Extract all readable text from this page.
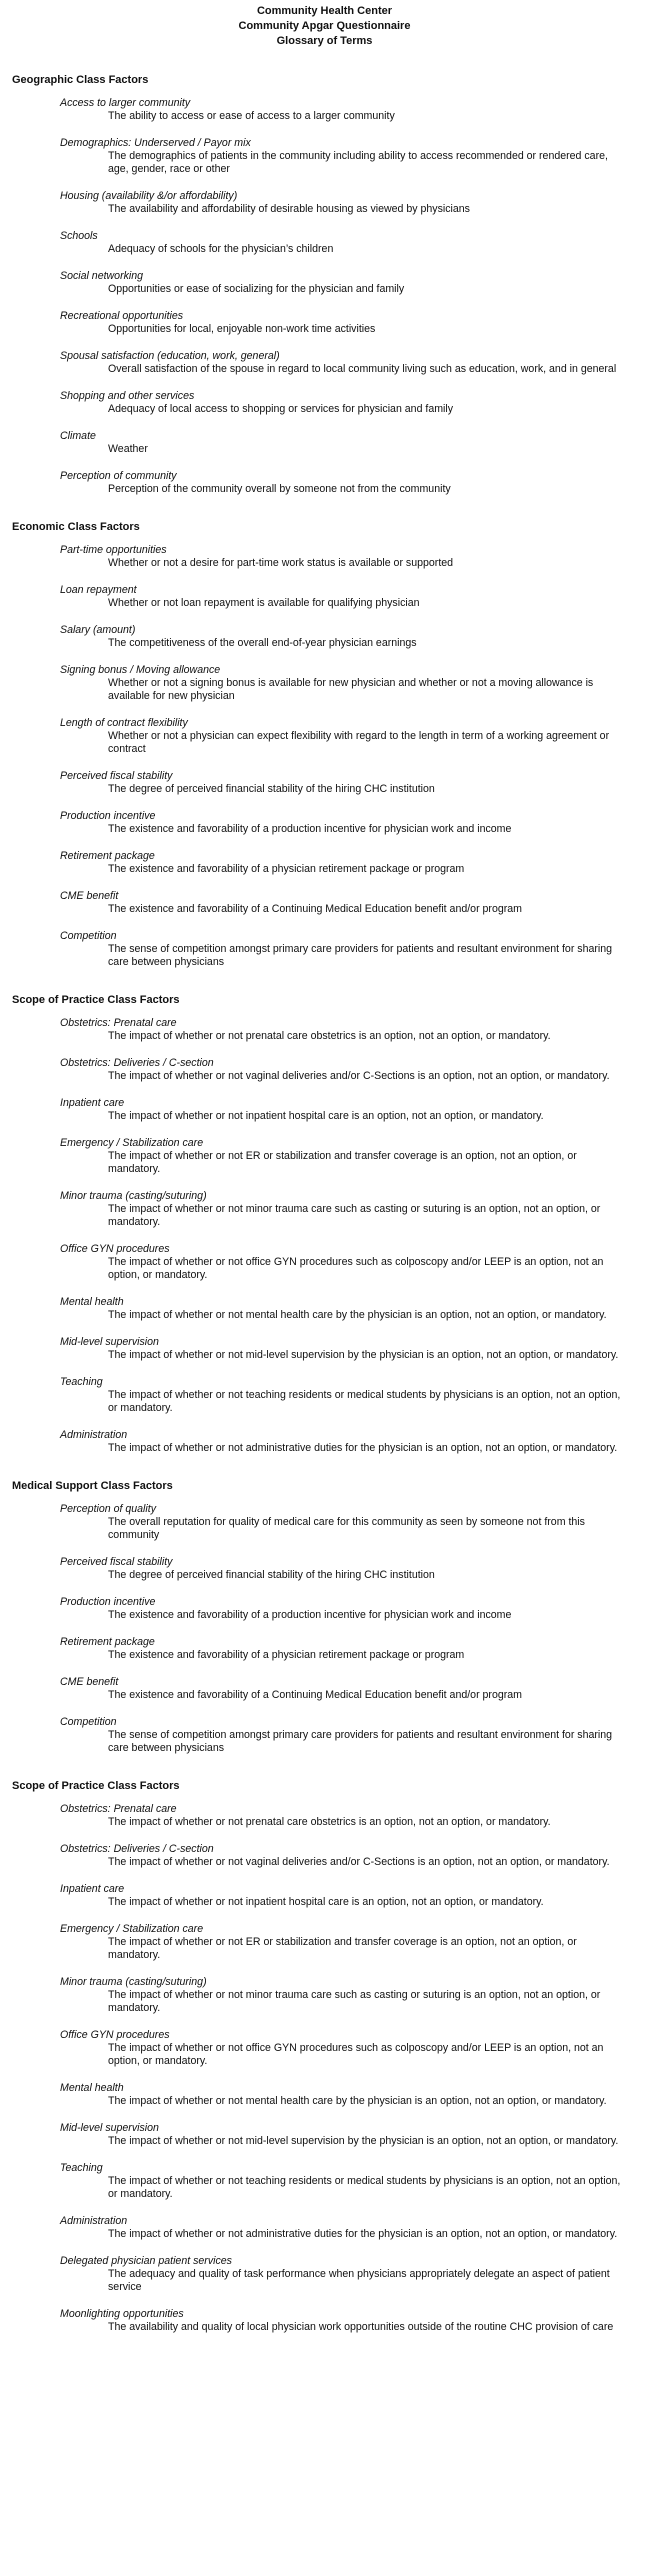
Community Health Center
Community Apgar Questionnaire
Glossary of Terms
Geographic Class Factors
Access to larger community
The ability to access or ease of access to a larger community
Demographics: Underserved / Payor mix
The demographics of patients in the community including ability to access recommended or rendered care, age, gender, race or other
Housing (availability &/or affordability)
The availability and affordability of desirable housing as viewed by physicians
Schools
Adequacy of schools for the physician’s children
Social networking
Opportunities or ease of socializing for the physician and family
Recreational opportunities
Opportunities for local, enjoyable non-work time activities
Spousal satisfaction (education, work, general)
Overall satisfaction of the spouse in regard to local community living such as education, work, and in general
Shopping and other services
Adequacy of local access to shopping or services for physician and family
Climate
Weather
Perception of community
Perception of the community overall by someone not from the community
Economic Class Factors
Part-time opportunities
Whether or not a desire for part-time work status is available or supported
Loan repayment
Whether or not loan repayment is available for qualifying physician
Salary (amount)
The competitiveness of the overall end-of-year physician earnings
Signing bonus / Moving allowance
Whether or not a signing bonus is available for new physician and whether or not a moving allowance is available for new physician
Length of contract flexibility
Whether or not a physician can expect flexibility with regard to the length in term of a working agreement or contract
Perceived fiscal stability
The degree of perceived financial stability of the hiring CHC institution
Production incentive
The existence and favorability of a production incentive for physician work and income
Retirement package
The existence and favorability of a physician retirement package or program
CME benefit
The existence and favorability of a Continuing Medical Education benefit and/or program
Competition
The sense of competition amongst primary care providers for patients and resultant environment for sharing care between physicians
Scope of Practice Class Factors
Obstetrics: Prenatal care
The impact of whether or not prenatal care obstetrics is an option, not an option, or mandatory.
Obstetrics: Deliveries / C-section
The impact of whether or not vaginal deliveries and/or C-Sections is an option, not an option, or mandatory.
Inpatient care
The impact of whether or not inpatient hospital care is an option, not an option, or mandatory.
Emergency / Stabilization care
The impact of whether or not ER or stabilization and transfer coverage is an option, not an option, or mandatory.
Minor trauma (casting/suturing)
The impact of whether or not minor trauma care such as casting or suturing is an option, not an option, or mandatory.
Office GYN procedures
The impact of whether or not office GYN procedures such as colposcopy and/or LEEP is an option, not an option, or mandatory.
Mental health
The impact of whether or not mental health care by the physician is an option, not an option, or mandatory.
Mid-level supervision
The impact of whether or not mid-level supervision by the physician is an option, not an option, or mandatory.
Teaching
The impact of whether or not teaching residents or medical students by physicians is an option, not an option, or mandatory.
Administration
The impact of whether or not administrative duties for the physician is an option, not an option, or mandatory.
Medical Support Class Factors
Perception of quality
The overall reputation for quality of medical care for this community as seen by someone not from this community
Perceived fiscal stability
The degree of perceived financial stability of the hiring CHC institution
Production incentive
The existence and favorability of a production incentive for physician work and income
Retirement package
The existence and favorability of a physician retirement package or program
CME benefit
The existence and favorability of a Continuing Medical Education benefit and/or program
Competition
The sense of competition amongst primary care providers for patients and resultant environment for sharing care between physicians
Scope of Practice Class Factors
Obstetrics: Prenatal care
The impact of whether or not prenatal care obstetrics is an option, not an option, or mandatory.
Obstetrics: Deliveries / C-section
The impact of whether or not vaginal deliveries and/or C-Sections is an option, not an option, or mandatory.
Inpatient care
The impact of whether or not inpatient hospital care is an option, not an option, or mandatory.
Emergency / Stabilization care
The impact of whether or not ER or stabilization and transfer coverage is an option, not an option, or mandatory.
Minor trauma (casting/suturing)
The impact of whether or not minor trauma care such as casting or suturing is an option, not an option, or mandatory.
Office GYN procedures
The impact of whether or not office GYN procedures such as colposcopy and/or LEEP is an option, not an option, or mandatory.
Mental health
The impact of whether or not mental health care by the physician is an option, not an option, or mandatory.
Mid-level supervision
The impact of whether or not mid-level supervision by the physician is an option, not an option, or mandatory.
Teaching
The impact of whether or not teaching residents or medical students by physicians is an option, not an option, or mandatory.
Administration
The impact of whether or not administrative duties for the physician is an option, not an option, or mandatory.
Delegated physician patient services
The adequacy and quality of task performance when physicians appropriately delegate an aspect of patient service
Moonlighting opportunities
The availability and quality of local physician work opportunities outside of the routine CHC provision of care
